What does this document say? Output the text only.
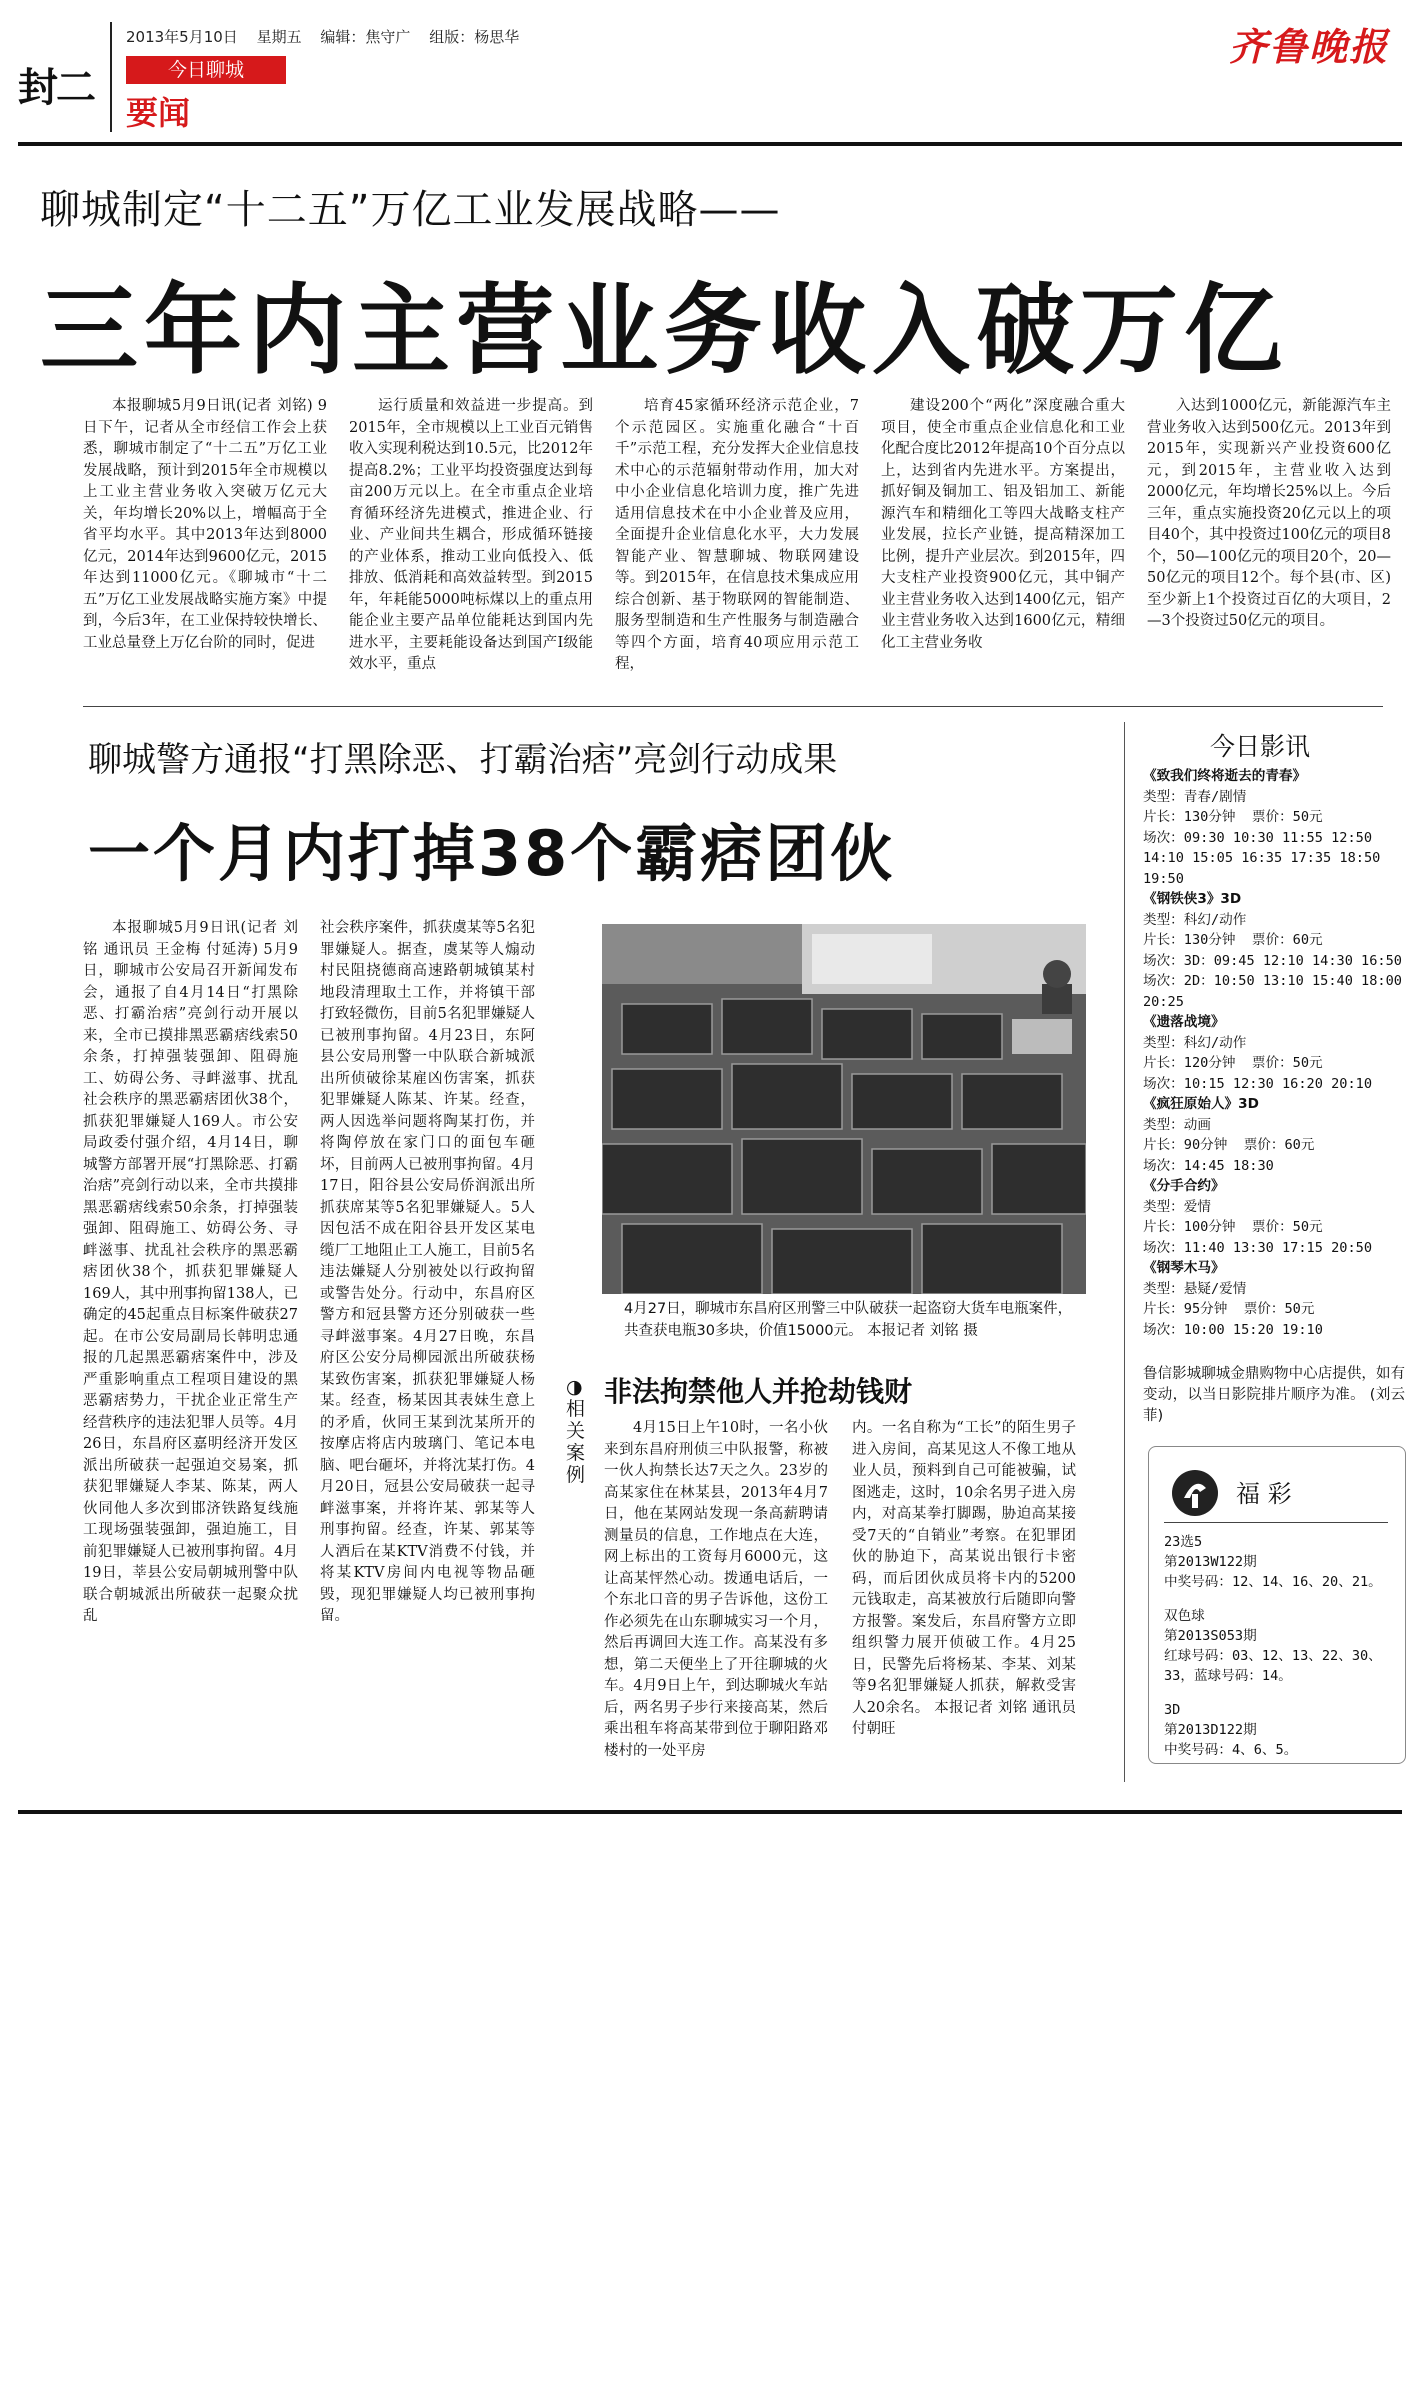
封二
2013年5月10日 星期五 编辑：焦守广 组版：杨思华
今日聊城
要闻
齐鲁晚报
聊城制定“十二五”万亿工业发展战略——
三年内主营业务收入破万亿
本报聊城5月9日讯(记者 刘铭) 9日下午，记者从全市经信工作会上获悉，聊城市制定了“十二五”万亿工业发展战略，预计到2015年全市规模以上工业主营业务收入突破万亿元大关，年均增长20%以上，增幅高于全省平均水平。其中2013年达到8000亿元，2014年达到9600亿元，2015年达到11000亿元。《聊城市“十二五”万亿工业发展战略实施方案》中提到，今后3年，在工业保持较快增长、工业总量登上万亿台阶的同时，促进
运行质量和效益进一步提高。到2015年，全市规模以上工业百元销售收入实现利税达到10.5元，比2012年提高8.2%；工业平均投资强度达到每亩200万元以上。在全市重点企业培育循环经济先进模式，推进企业、行业、产业间共生耦合，形成循环链接的产业体系，推动工业向低投入、低排放、低消耗和高效益转型。到2015年，年耗能5000吨标煤以上的重点用能企业主要产品单位能耗达到国内先进水平，主要耗能设备达到国产Ⅰ级能效水平，重点
培育45家循环经济示范企业，7个示范园区。实施重化融合“十百千”示范工程，充分发挥大企业信息技术中心的示范辐射带动作用，加大对中小企业信息化培训力度，推广先进适用信息技术在中小企业普及应用，全面提升企业信息化水平，大力发展智能产业、智慧聊城、物联网建设等。到2015年，在信息技术集成应用综合创新、基于物联网的智能制造、服务型制造和生产性服务与制造融合等四个方面，培育40项应用示范工程，
建设200个“两化”深度融合重大项目，使全市重点企业信息化和工业化配合度比2012年提高10个百分点以上，达到省内先进水平。方案提出，抓好铜及铜加工、铝及铝加工、新能源汽车和精细化工等四大战略支柱产业发展，拉长产业链，提高精深加工比例，提升产业层次。到2015年，四大支柱产业投资900亿元，其中铜产业主营业务收入达到1400亿元，铝产业主营业务收入达到1600亿元，精细化工主营业务收
入达到1000亿元，新能源汽车主营业务收入达到500亿元。2013年到2015年，实现新兴产业投资600亿元，到2015年，主营业收入达到2000亿元，年均增长25%以上。今后三年，重点实施投资20亿元以上的项目40个，其中投资过100亿元的项目8个，50—100亿元的项目20个，20—50亿元的项目12个。每个县(市、区)至少新上1个投资过百亿的大项目，2—3个投资过50亿元的项目。
聊城警方通报“打黑除恶、打霸治痞”亮剑行动成果
一个月内打掉38个霸痞团伙
本报聊城5月9日讯(记者 刘铭 通讯员 王金梅 付延涛) 5月9日，聊城市公安局召开新闻发布会，通报了自4月14日“打黑除恶、打霸治痞”亮剑行动开展以来，全市已摸排黑恶霸痞线索50余条，打掉强装强卸、阻碍施工、妨碍公务、寻衅滋事、扰乱社会秩序的黑恶霸痞团伙38个，抓获犯罪嫌疑人169人。市公安局政委付强介绍，4月14日，聊城警方部署开展“打黑除恶、打霸治痞”亮剑行动以来，全市共摸排黑恶霸痞线索50余条，打掉强装强卸、阻碍施工、妨碍公务、寻衅滋事、扰乱社会秩序的黑恶霸痞团伙38个，抓获犯罪嫌疑人169人，其中刑事拘留138人，已确定的45起重点目标案件破获27起。在市公安局副局长韩明忠通报的几起黑恶霸痞案件中，涉及严重影响重点工程项目建设的黑恶霸痞势力，干扰企业正常生产经营秩序的违法犯罪人员等。4月26日，东昌府区嘉明经济开发区派出所破获一起强迫交易案，抓获犯罪嫌疑人李某、陈某，两人伙同他人多次到邯济铁路复线施工现场强装强卸，强迫施工，目前犯罪嫌疑人已被刑事拘留。4月19日，莘县公安局朝城刑警中队联合朝城派出所破获一起聚众扰乱
社会秩序案件，抓获虞某等5名犯罪嫌疑人。据查，虞某等人煽动村民阻挠德商高速路朝城镇某村地段清理取土工作，并将镇干部打致轻微伤，目前5名犯罪嫌疑人已被刑事拘留。4月23日，东阿县公安局刑警一中队联合新城派出所侦破徐某雇凶伤害案，抓获犯罪嫌疑人陈某、许某。经查，两人因选举问题将陶某打伤，并将陶停放在家门口的面包车砸坏，目前两人已被刑事拘留。4月17日，阳谷县公安局侨润派出所抓获席某等5名犯罪嫌疑人。5人因包活不成在阳谷县开发区某电缆厂工地阻止工人施工，目前5名违法嫌疑人分别被处以行政拘留或警告处分。行动中，东昌府区警方和冠县警方还分别破获一些寻衅滋事案。4月27日晚，东昌府区公安分局柳园派出所破获杨某致伤害案，抓获犯罪嫌疑人杨某。经查，杨某因其表妹生意上的矛盾，伙同王某到沈某所开的按摩店将店内玻璃门、笔记本电脑、吧台砸坏，并将沈某打伤。4月20日，冠县公安局破获一起寻衅滋事案，并将许某、郭某等人刑事拘留。经查，许某、郭某等人酒后在某KTV消费不付钱，并将某KTV房间内电视等物品砸毁，现犯罪嫌疑人均已被刑事拘留。
4月27日，聊城市东昌府区刑警三中队破获一起盗窃大货车电瓶案件，共查获电瓶30多块，价值15000元。 本报记者 刘铭 摄
◑
相关案例
非法拘禁他人并抢劫钱财
4月15日上午10时，一名小伙来到东昌府刑侦三中队报警，称被一伙人拘禁长达7天之久。23岁的高某家住在林某县，2013年4月7日，他在某网站发现一条高薪聘请测量员的信息，工作地点在大连，网上标出的工资每月6000元，这让高某怦然心动。拨通电话后，一个东北口音的男子告诉他，这份工作必须先在山东聊城实习一个月，然后再调回大连工作。高某没有多想，第二天便坐上了开往聊城的火车。4月9日上午，到达聊城火车站后，两名男子步行来接高某，然后乘出租车将高某带到位于聊阳路邓楼村的一处平房
内。一名自称为“工长”的陌生男子进入房间，高某见这人不像工地从业人员，预料到自己可能被骗，试图逃走，这时，10余名男子进入房内，对高某拳打脚踢，胁迫高某接受7天的“自销业”考察。在犯罪团伙的胁迫下，高某说出银行卡密码，而后团伙成员将卡内的5200元钱取走，高某被放行后随即向警方报警。案发后，东昌府警方立即组织警力展开侦破工作。4月25日，民警先后将杨某、李某、刘某等9名犯罪嫌疑人抓获，解救受害人20余名。 本报记者 刘铭 通讯员 付朝旺
今日影讯
《致我们终将逝去的青春》
类型：青春/剧情
片长：130分钟 票价：50元
场次：09:30 10:30 11:55 12:50 14:10 15:05 16:35 17:35 18:50 19:50
《钢铁侠3》3D
类型：科幻/动作
片长：130分钟 票价：60元
场次：3D：09:45 12:10 14:30 16:50 场次：2D：10:50 13:10 15:40 18:00 20:25
《遗落战境》
类型：科幻/动作
片长：120分钟 票价：50元
场次：10:15 12:30 16:20 20:10
《疯狂原始人》3D
类型：动画
片长：90分钟 票价：60元
场次：14:45 18:30
《分手合约》
类型：爱情
片长：100分钟 票价：50元
场次：11:40 13:30 17:15 20:50
《钢琴木马》
类型：悬疑/爱情
片长：95分钟 票价：50元
场次：10:00 15:20 19:10
鲁信影城聊城金鼎购物中心店提供，如有变动，以当日影院排片顺序为准。 (刘云菲)
福 彩
23选5
第2013W122期
中奖号码：12、14、16、20、21。
双色球
第2013S053期
红球号码：03、12、13、22、30、33，蓝球号码：14。
3D
第2013D122期
中奖号码：4、6、5。
